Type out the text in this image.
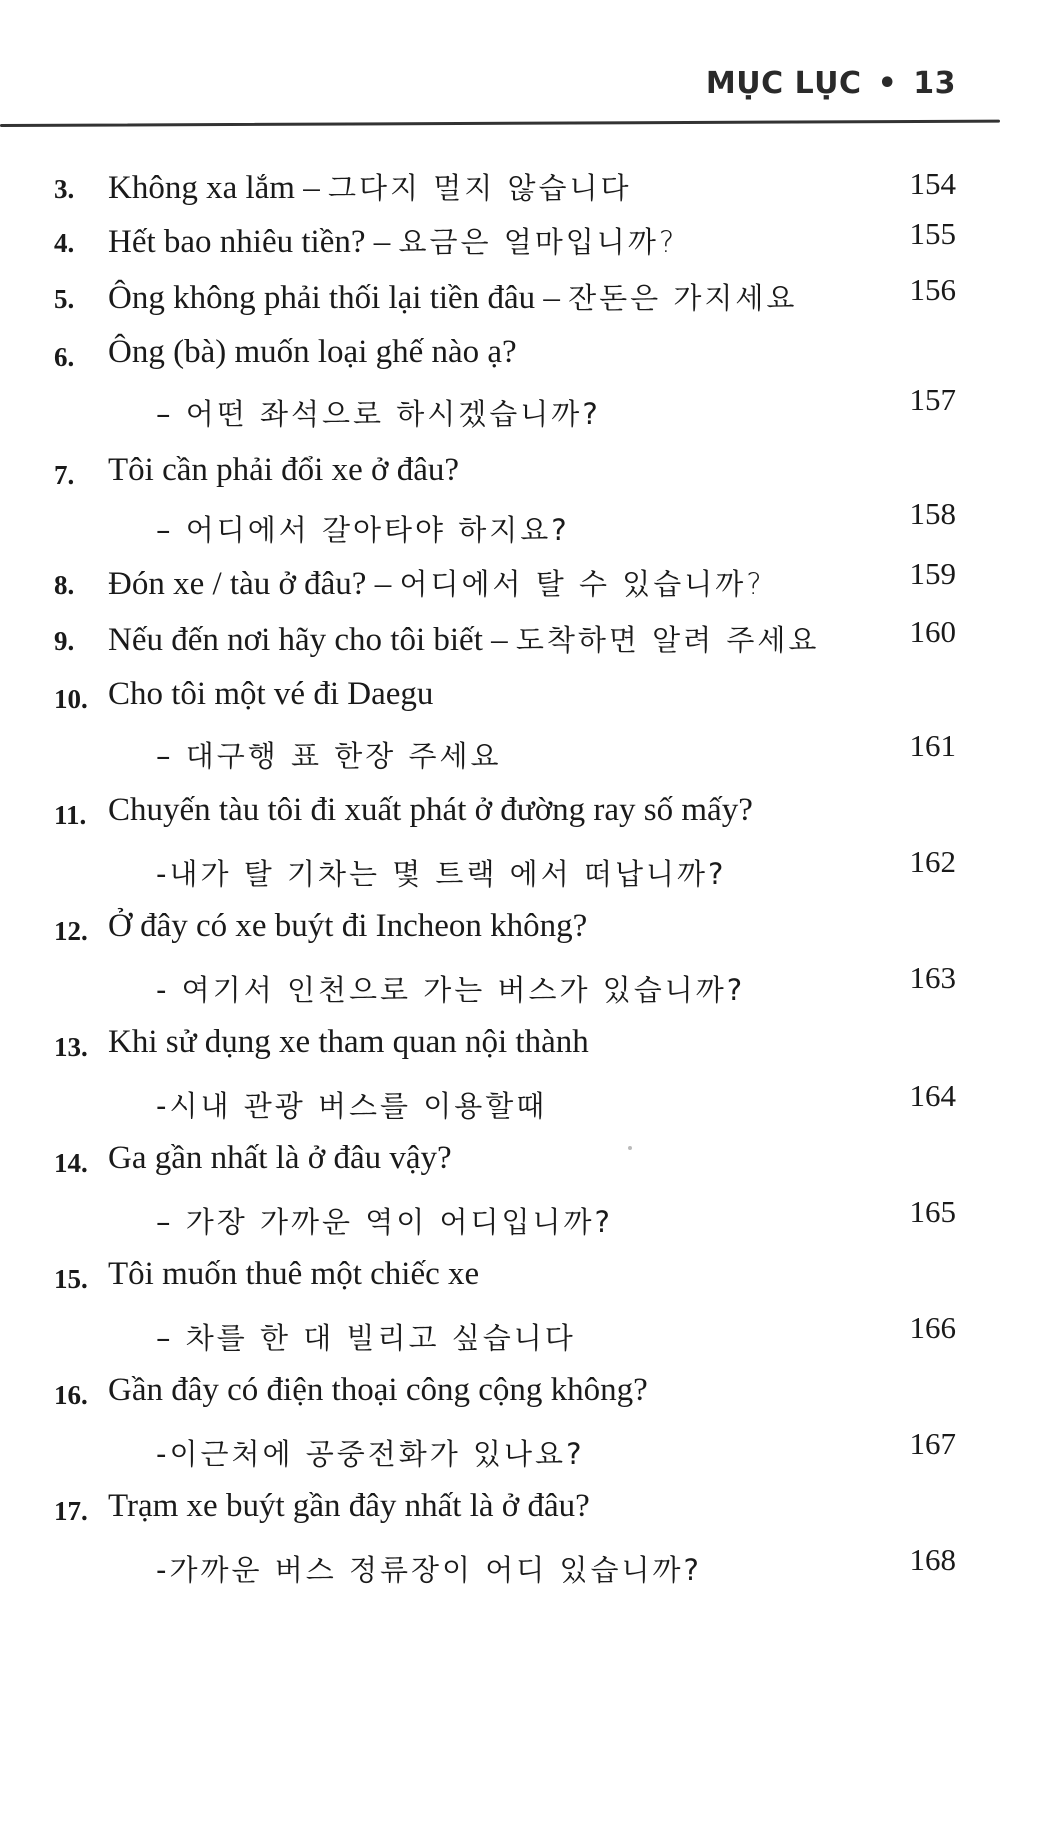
MỤC LỤC • 13
3.	Không xa lắm – 그다지 멀지 않습니다	154
4.	Hết bao nhiêu tiền? – 요금은 얼마입니까?	155
5.	Ông không phải thối lại tiền đâu – 잔돈은 가지세요	156
6.	Ông (bà) muốn loại ghế nào ạ?
– 어떤 좌석으로 하시겠습니까?	157
7.	Tôi cần phải đổi xe ở đâu?
– 어디에서 갈아타야 하지요?	158
8.	Đón xe / tàu ở đâu? – 어디에서 탈 수 있습니까?	159
9.	Nếu đến nơi hãy cho tôi biết – 도착하면 알려 주세요	160
10. Cho tôi một vé đi Daegu
– 대구행 표 한장 주세요	161
11. Chuyến tàu tôi đi xuất phát ở đường ray số mấy?
-내가 탈 기차는 몇 트랙 에서 떠납니까?	162
12. Ở đây có xe buýt đi Incheon không?
- 여기서 인천으로 가는 버스가 있습니까?	163
13. Khi sử dụng xe tham quan nội thành
-시내 관광 버스를 이용할때	164
14. Ga gần nhất là ở đâu vậy?
– 가장 가까운 역이 어디입니까?	165
15. Tôi muốn thuê một chiếc xe
– 차를 한 대 빌리고 싶습니다	166
16. Gần đây có điện thoại công cộng không?
-이근처에 공중전화가 있나요?	167
17. Trạm xe buýt gần đây nhất là ở đâu?
-가까운 버스 정류장이 어디 있습니까?	168
